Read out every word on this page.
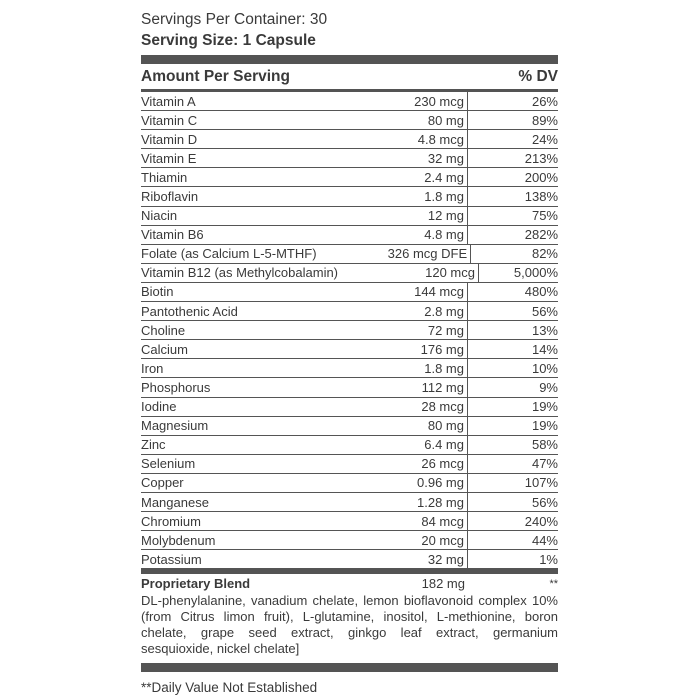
Servings Per Container: 30
Serving Size: 1 Capsule
Amount Per Serving	% DV
Vitamin A	230 mcg	26%
Vitamin C	80 mg	89%
Vitamin D	4.8 mcg	24%
Vitamin E	32 mg	213%
Thiamin	2.4 mg	200%
Riboflavin	1.8 mg	138%
Niacin	12 mg	75%
Vitamin B6	4.8 mg	282%
Folate (as Calcium L-5-MTHF)	326 mcg DFE	82%
Vitamin B12 (as Methylcobalamin)	120 mcg	5,000%
Biotin	144 mcg	480%
Pantothenic Acid	2.8 mg	56%
Choline	72 mg	13%
Calcium	176 mg	14%
Iron	1.8 mg	10%
Phosphorus	112 mg	9%
Iodine	28 mcg	19%
Magnesium	80 mg	19%
Zinc	6.4 mg	58%
Selenium	26 mcg	47%
Copper	0.96 mg	107%
Manganese	1.28 mg	56%
Chromium	84 mcg	240%
Molybdenum	20 mcg	44%
Potassium	32 mg	1%
Proprietary Blend	182 mg	**
DL-phenylalanine, vanadium chelate, lemon bioflavonoid complex 10% (from Citrus limon fruit), L-glutamine, inositol, L-methionine, boron chelate, grape seed extract, ginkgo leaf extract, germanium sesquioxide, nickel chelate]
**Daily Value Not Established
